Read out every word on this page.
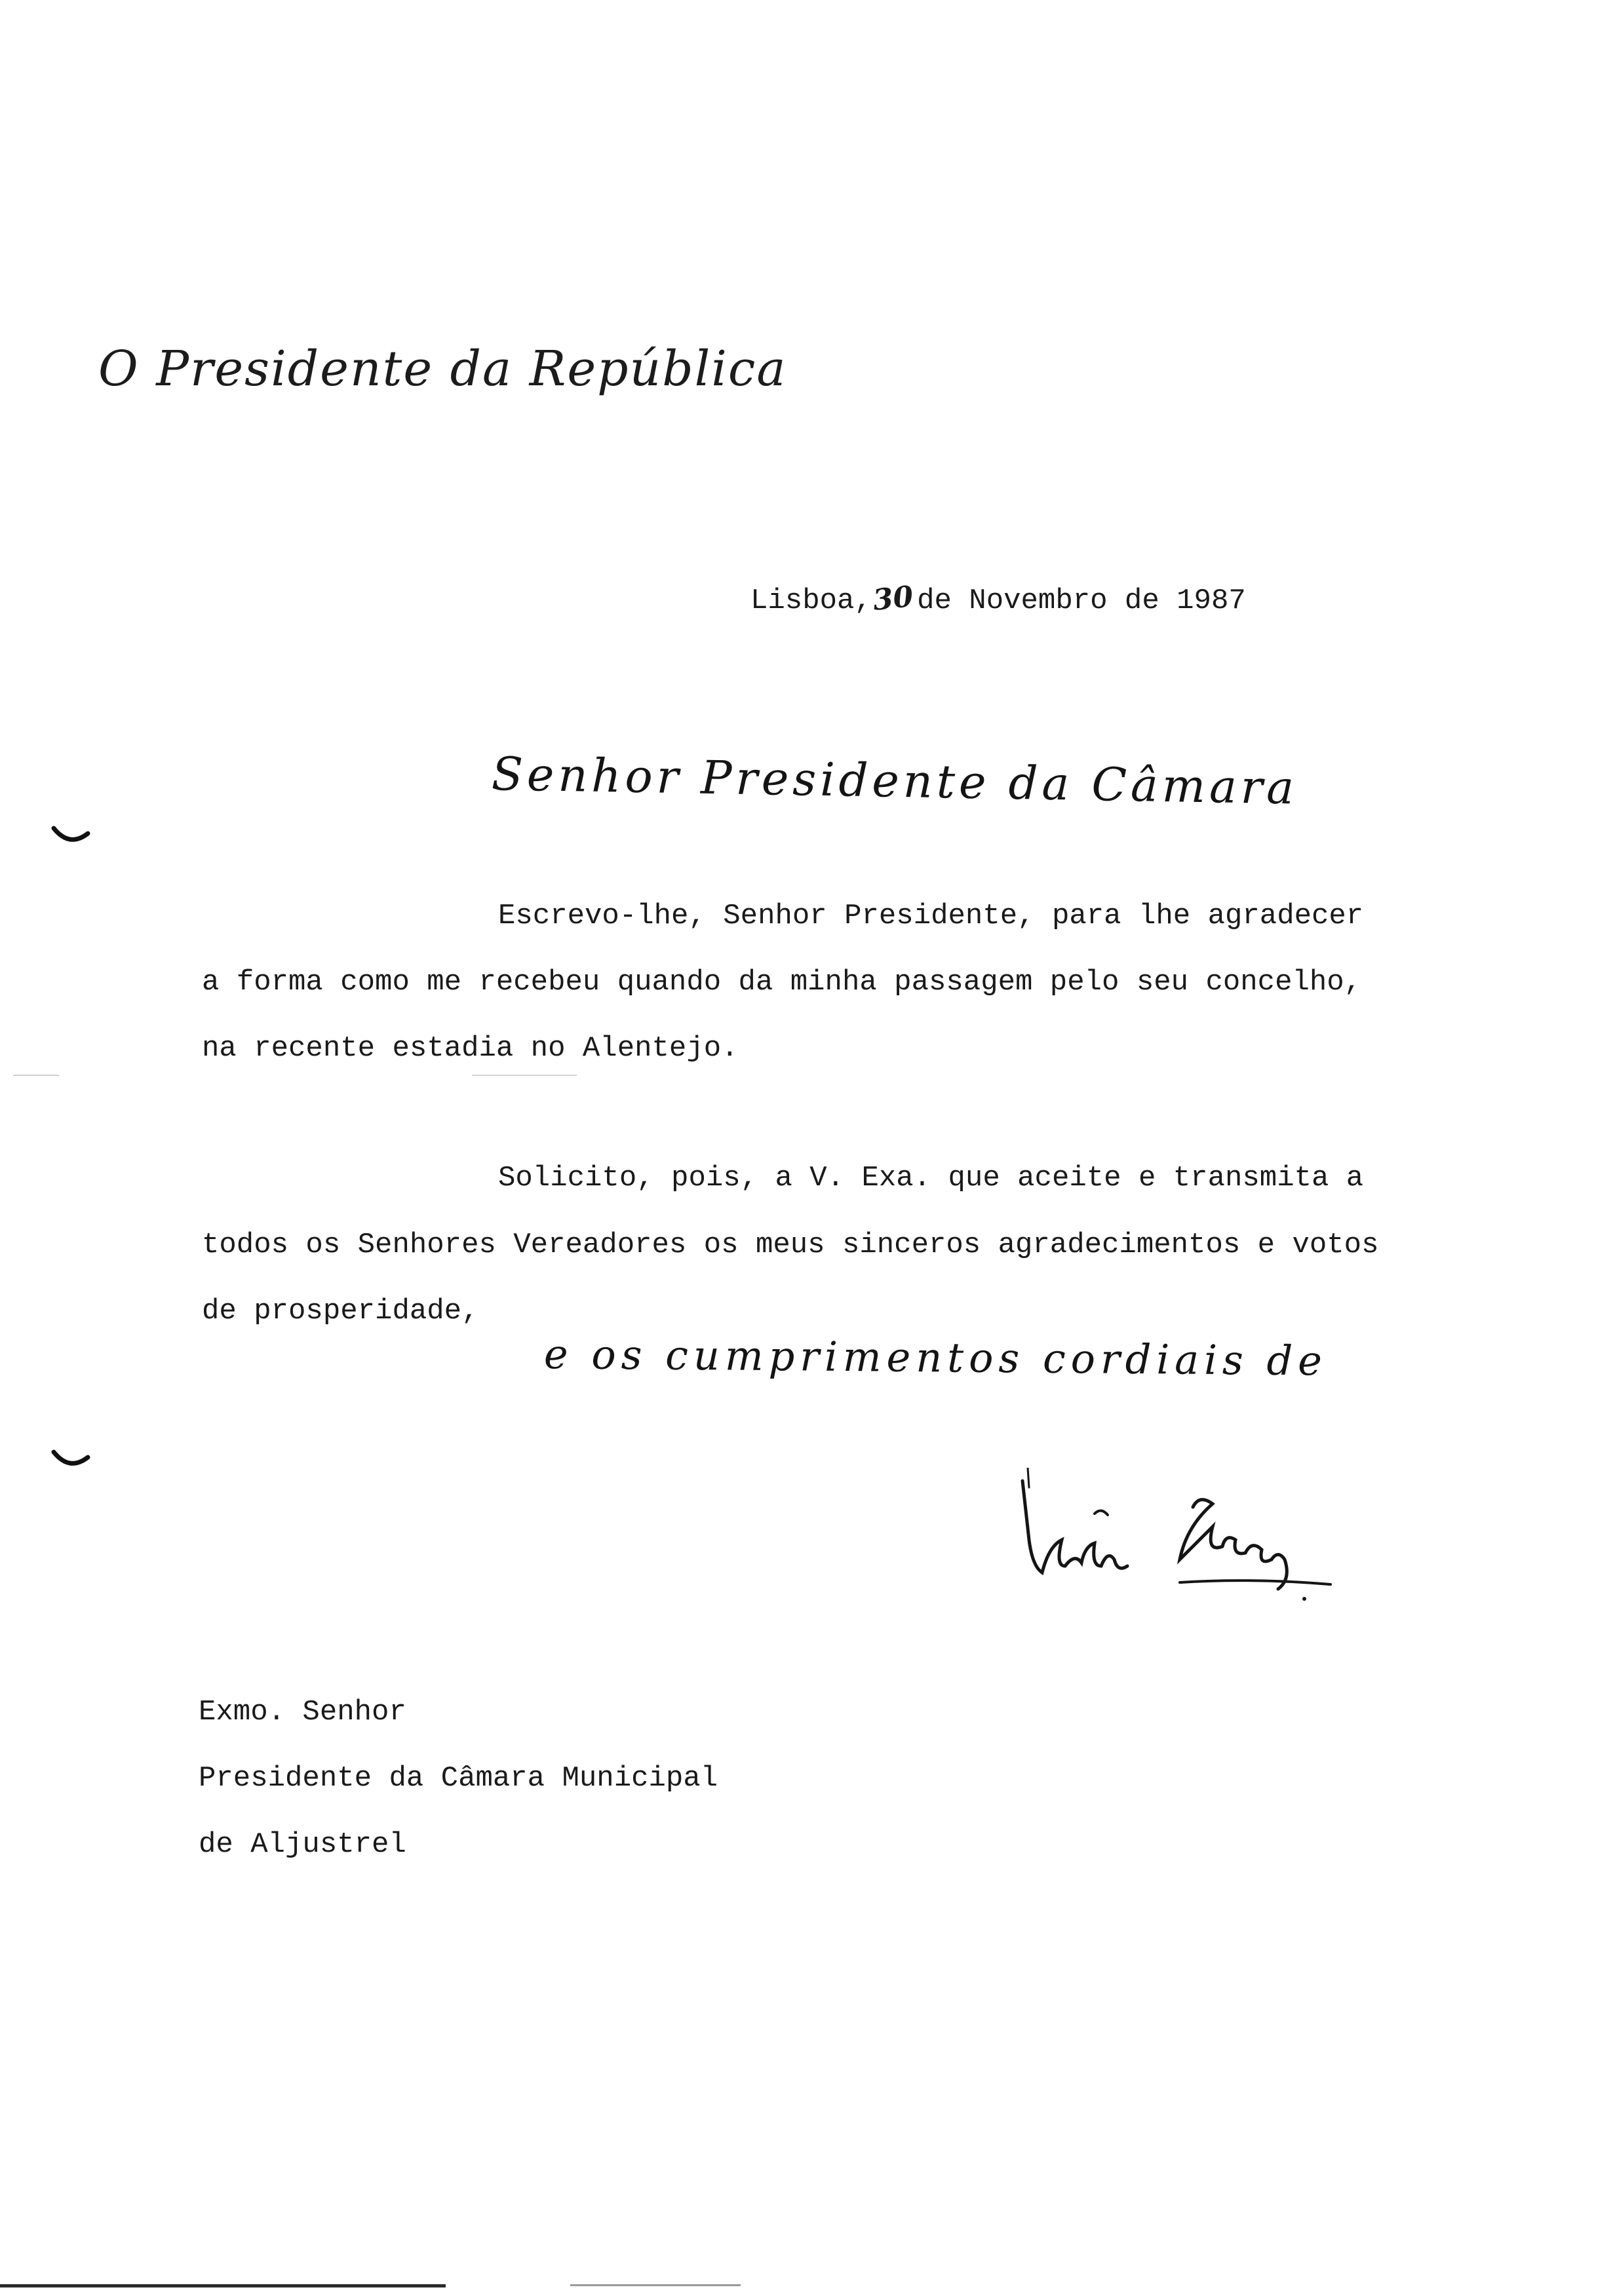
O Presidente da República
Lisboa,30de Novembro de 1987
Senhor Presidente da Câmara
Escrevo-lhe, Senhor Presidente, para lhe agradecer
a forma como me recebeu quando da minha passagem pelo seu concelho,
na recente estadia no Alentejo.
Solicito, pois, a V. Exa. que aceite e transmita a
todos os Senhores Vereadores os meus sinceros agradecimentos e votos
de prosperidade,
e os cumprimentos cordiais de
Exmo. Senhor
Presidente da Câmara Municipal
de Aljustrel
